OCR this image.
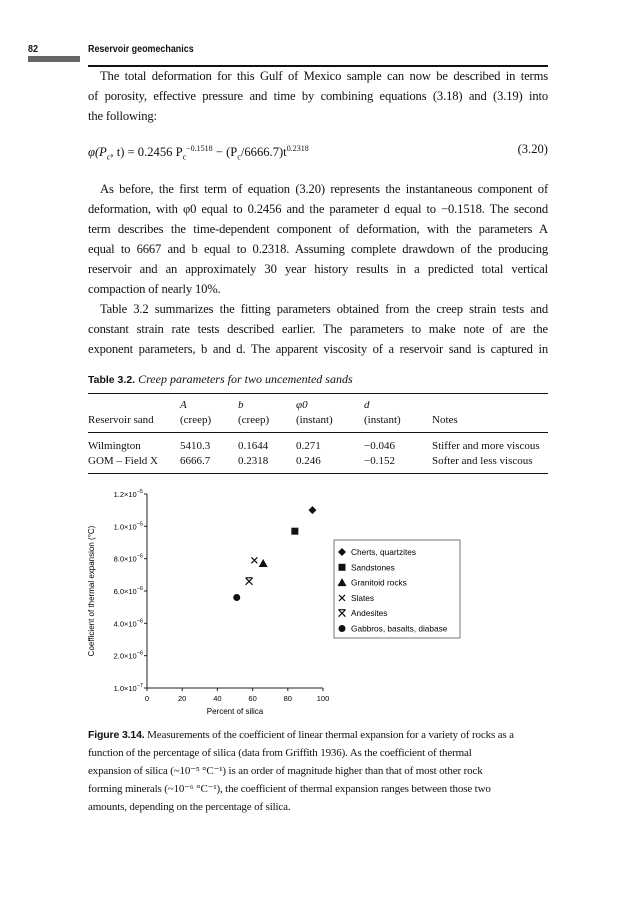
82	Reservoir geomechanics
The total deformation for this Gulf of Mexico sample can now be described in terms
of porosity, effective pressure and time by combining equations (3.18) and (3.19) into
the following:
$\varphi(P_c$, t) = 0.2456 $P_c^{-0.1518} - (P_c/6666.7)t^{0.2318}$	(3.20)
As before, the first term of equation (3.20) represents the instantaneous component of
deformation, with φ0 equal to 0.2456 and the parameter d equal to −0.1518. The second
term describes the time-dependent component of deformation, with the parameters A
equal to 6667 and b equal to 0.2318. Assuming complete drawdown of the producing
reservoir and an approximately 30 year history results in a predicted total vertical
compaction of nearly 10%.
Table 3.2 summarizes the fitting parameters obtained from the creep strain tests and
constant strain rate tests described earlier. The parameters to make note of are the
exponent parameters, b and d. The apparent viscosity of a reservoir sand is captured in
Table 3.2. Creep parameters for two uncemented sands
	A	b	φ0	d	
Reservoir sand	(creep)	(creep)	(instant)	(instant)	Notes
Wilmington	5410.3	0.1644	0.271	−0.046	Stiffer and more viscous
GOM – Field X	6666.7	0.2318	0.246	−0.152	Softer and less viscous
0	20	40	60	80	100
$1.0\times 10^{-7}$
$2.0\times 10^{-6}$
$4.0\times 10^{-6}$
$6.0\times 10^{-6}$
$8.0\times 10^{-6}$
$1.0\times 10^{-5}$
$1.2\times 10^{-5}$
Percent of silica
Coefficient of thermal expansion (°C)	Cherts, quartzites
Sandstones
Granitoid rocks
Slates
Andesites
Gabbros, basalts, diabase
Figure 3.14. Measurements of the coefficient of linear thermal expansion for a variety of rocks as a
function of the percentage of silica (data from Griffith 1936). As the coefficient of thermal
expansion of silica (~10⁻⁵ °C⁻¹) is an order of magnitude higher than that of most other rock
forming minerals (~10⁻⁶ °C⁻¹), the coefficient of thermal expansion ranges between those two
amounts, depending on the percentage of silica.
